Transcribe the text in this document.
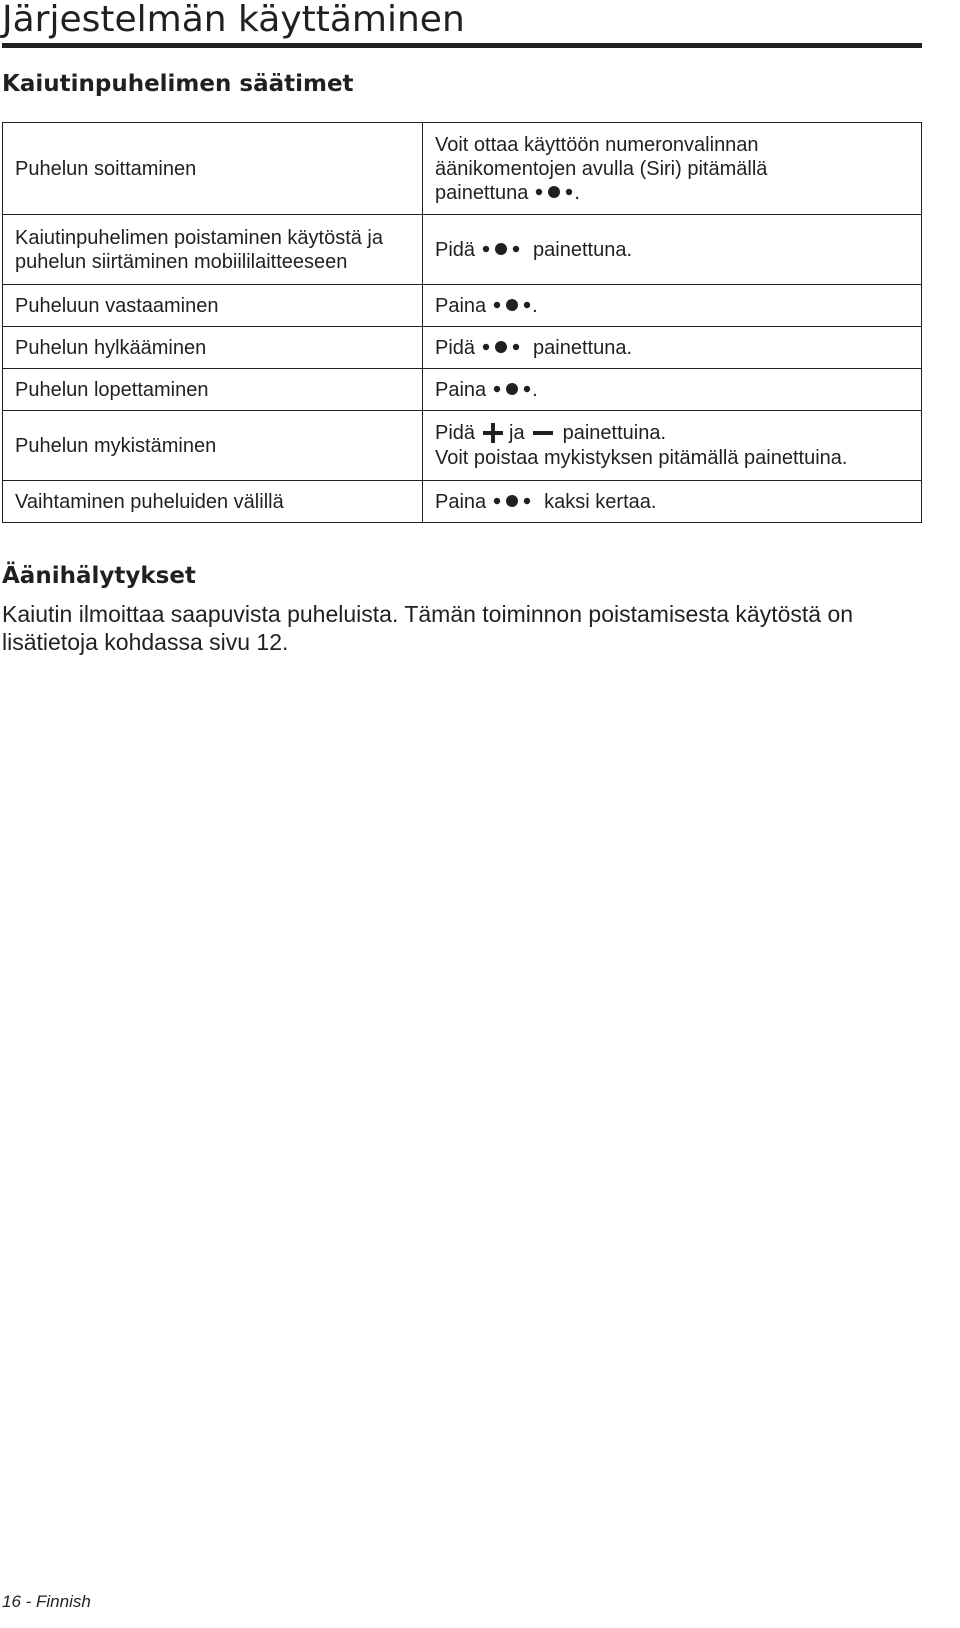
Järjestelmän käyttäminen
Kaiutinpuhelimen säätimet
Puhelun soittaminen	Voit ottaa käyttöön numeronvalinnan
äänikomentojen avulla (Siri) pitämällä
painettuna .
Kaiutinpuhelimen poistaminen käytöstä ja puhelun siirtäminen mobiililaitteeseen	Pidä painettuna.
Puheluun vastaaminen	Paina .
Puhelun hylkääminen	Pidä painettuna.
Puhelun lopettaminen	Paina .
Puhelun mykistäminen	Pidä ja painettuina.
Voit poistaa mykistyksen pitämällä painettuina.
Vaihtaminen puheluiden välillä	Paina kaksi kertaa.
Äänihälytykset

Kaiutin ilmoittaa saapuvista puheluista. Tämän toiminnon poistamisesta käytöstä on lisätietoja kohdassa sivu 12.

16 - Finnish
